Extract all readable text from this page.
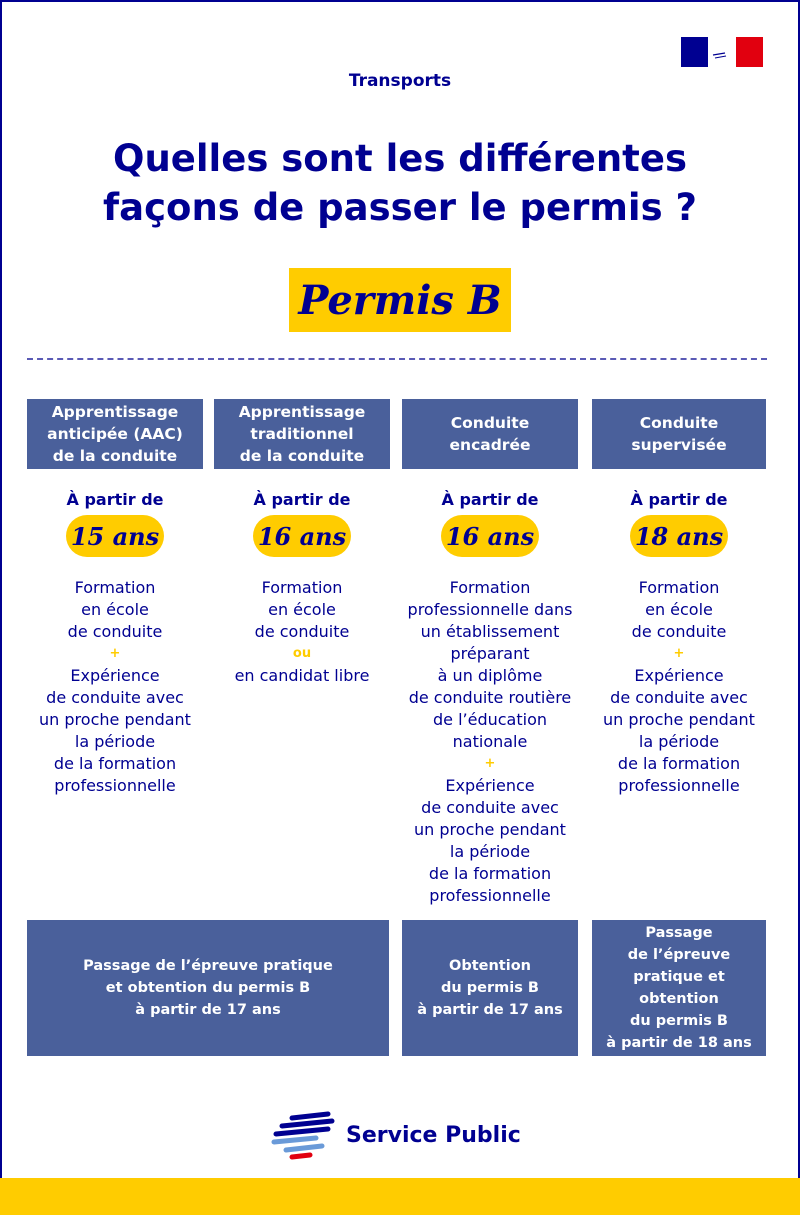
Transports
Quelles sont les différentes
façons de passer le permis ?
Permis B
Apprentissage
anticipée (AAC)
de la conduite
À partir de
15 ans
Formation
en école
de conduite
+
Expérience
de conduite avec
un proche pendant
la période
de la formation
professionnelle
Apprentissage
traditionnel
de la conduite
À partir de
16 ans
Formation
en école
de conduite
ou
en candidat libre
Conduite
encadrée
À partir de
16 ans
Formation
professionnelle dans
un établissement
préparant
à un diplôme
de conduite routière
de l’éducation
nationale
+
Expérience
de conduite avec
un proche pendant
la période
de la formation
professionnelle
Conduite
supervisée
À partir de
18 ans
Formation
en école
de conduite
+
Expérience
de conduite avec
un proche pendant
la période
de la formation
professionnelle
Passage de l’épreuve pratique
et obtention du permis B
à partir de 17 ans
Obtention
du permis B
à partir de 17 ans
Passage
de l’épreuve
pratique et
obtention
du permis B
à partir de 18 ans
Service Public
